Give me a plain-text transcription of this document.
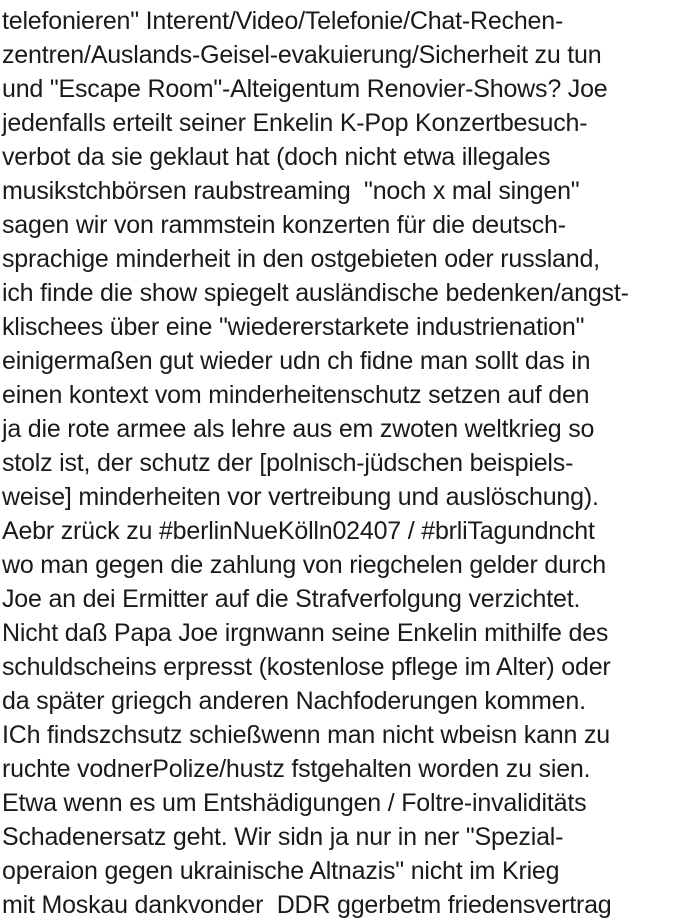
telefonieren" Interent/Video/Telefonie/Chat-Rechen-
zentren/Auslands-Geisel-evakuierung/Sicherheit zu tun
und "Escape Room"-Alteigentum Renovier-Shows? Joe
jedenfalls erteilt seiner Enkelin K-Pop Konzertbesuch-
verbot da sie geklaut hat (doch nicht etwa illegales
musikstchbörsen raubstreaming  "noch x mal singen"
sagen wir von rammstein konzerten für die deutsch-
sprachige minderheit in den ostgebieten oder russland,
ich finde die show spiegelt ausländische bedenken/angst-
klischees über eine "wiedererstarkete industrienation"
einigermaßen gut wieder udn ch fidne man sollt das in
einen kontext vom minderheitenschutz setzen auf den
ja die rote armee als lehre aus em zwoten weltkrieg so
stolz ist, der schutz der [polnisch-jüdschen beispiels-
weise] minderheiten vor vertreibung und auslöschung).
Aebr zrück zu #berlinNueKölln02407 / #brliTagundncht
wo man gegen die zahlung von riegchelen gelder durch
Joe an dei Ermitter auf die Strafverfolgung verzichtet.
Nicht daß Papa Joe irgnwann seine Enkelin mithilfe des
schuldscheins erpresst (kostenlose pflege im Alter) oder
da später griegch anderen Nachfoderungen kommen.
ICh findszchsutz schießwenn man nicht wbeisn kann zu
ruchte vodnerPolize/hustz fstgehalten worden zu sien.
Etwa wenn es um Entshädigungen / Foltre-invaliditäts
Schadenersatz geht. Wir sidn ja nur in ner "Spezial-
operaion gegen ukrainische Altnazis" nicht im Krieg
mit Moskau dankvonder  DDR ggerbetm friedensvertrag
